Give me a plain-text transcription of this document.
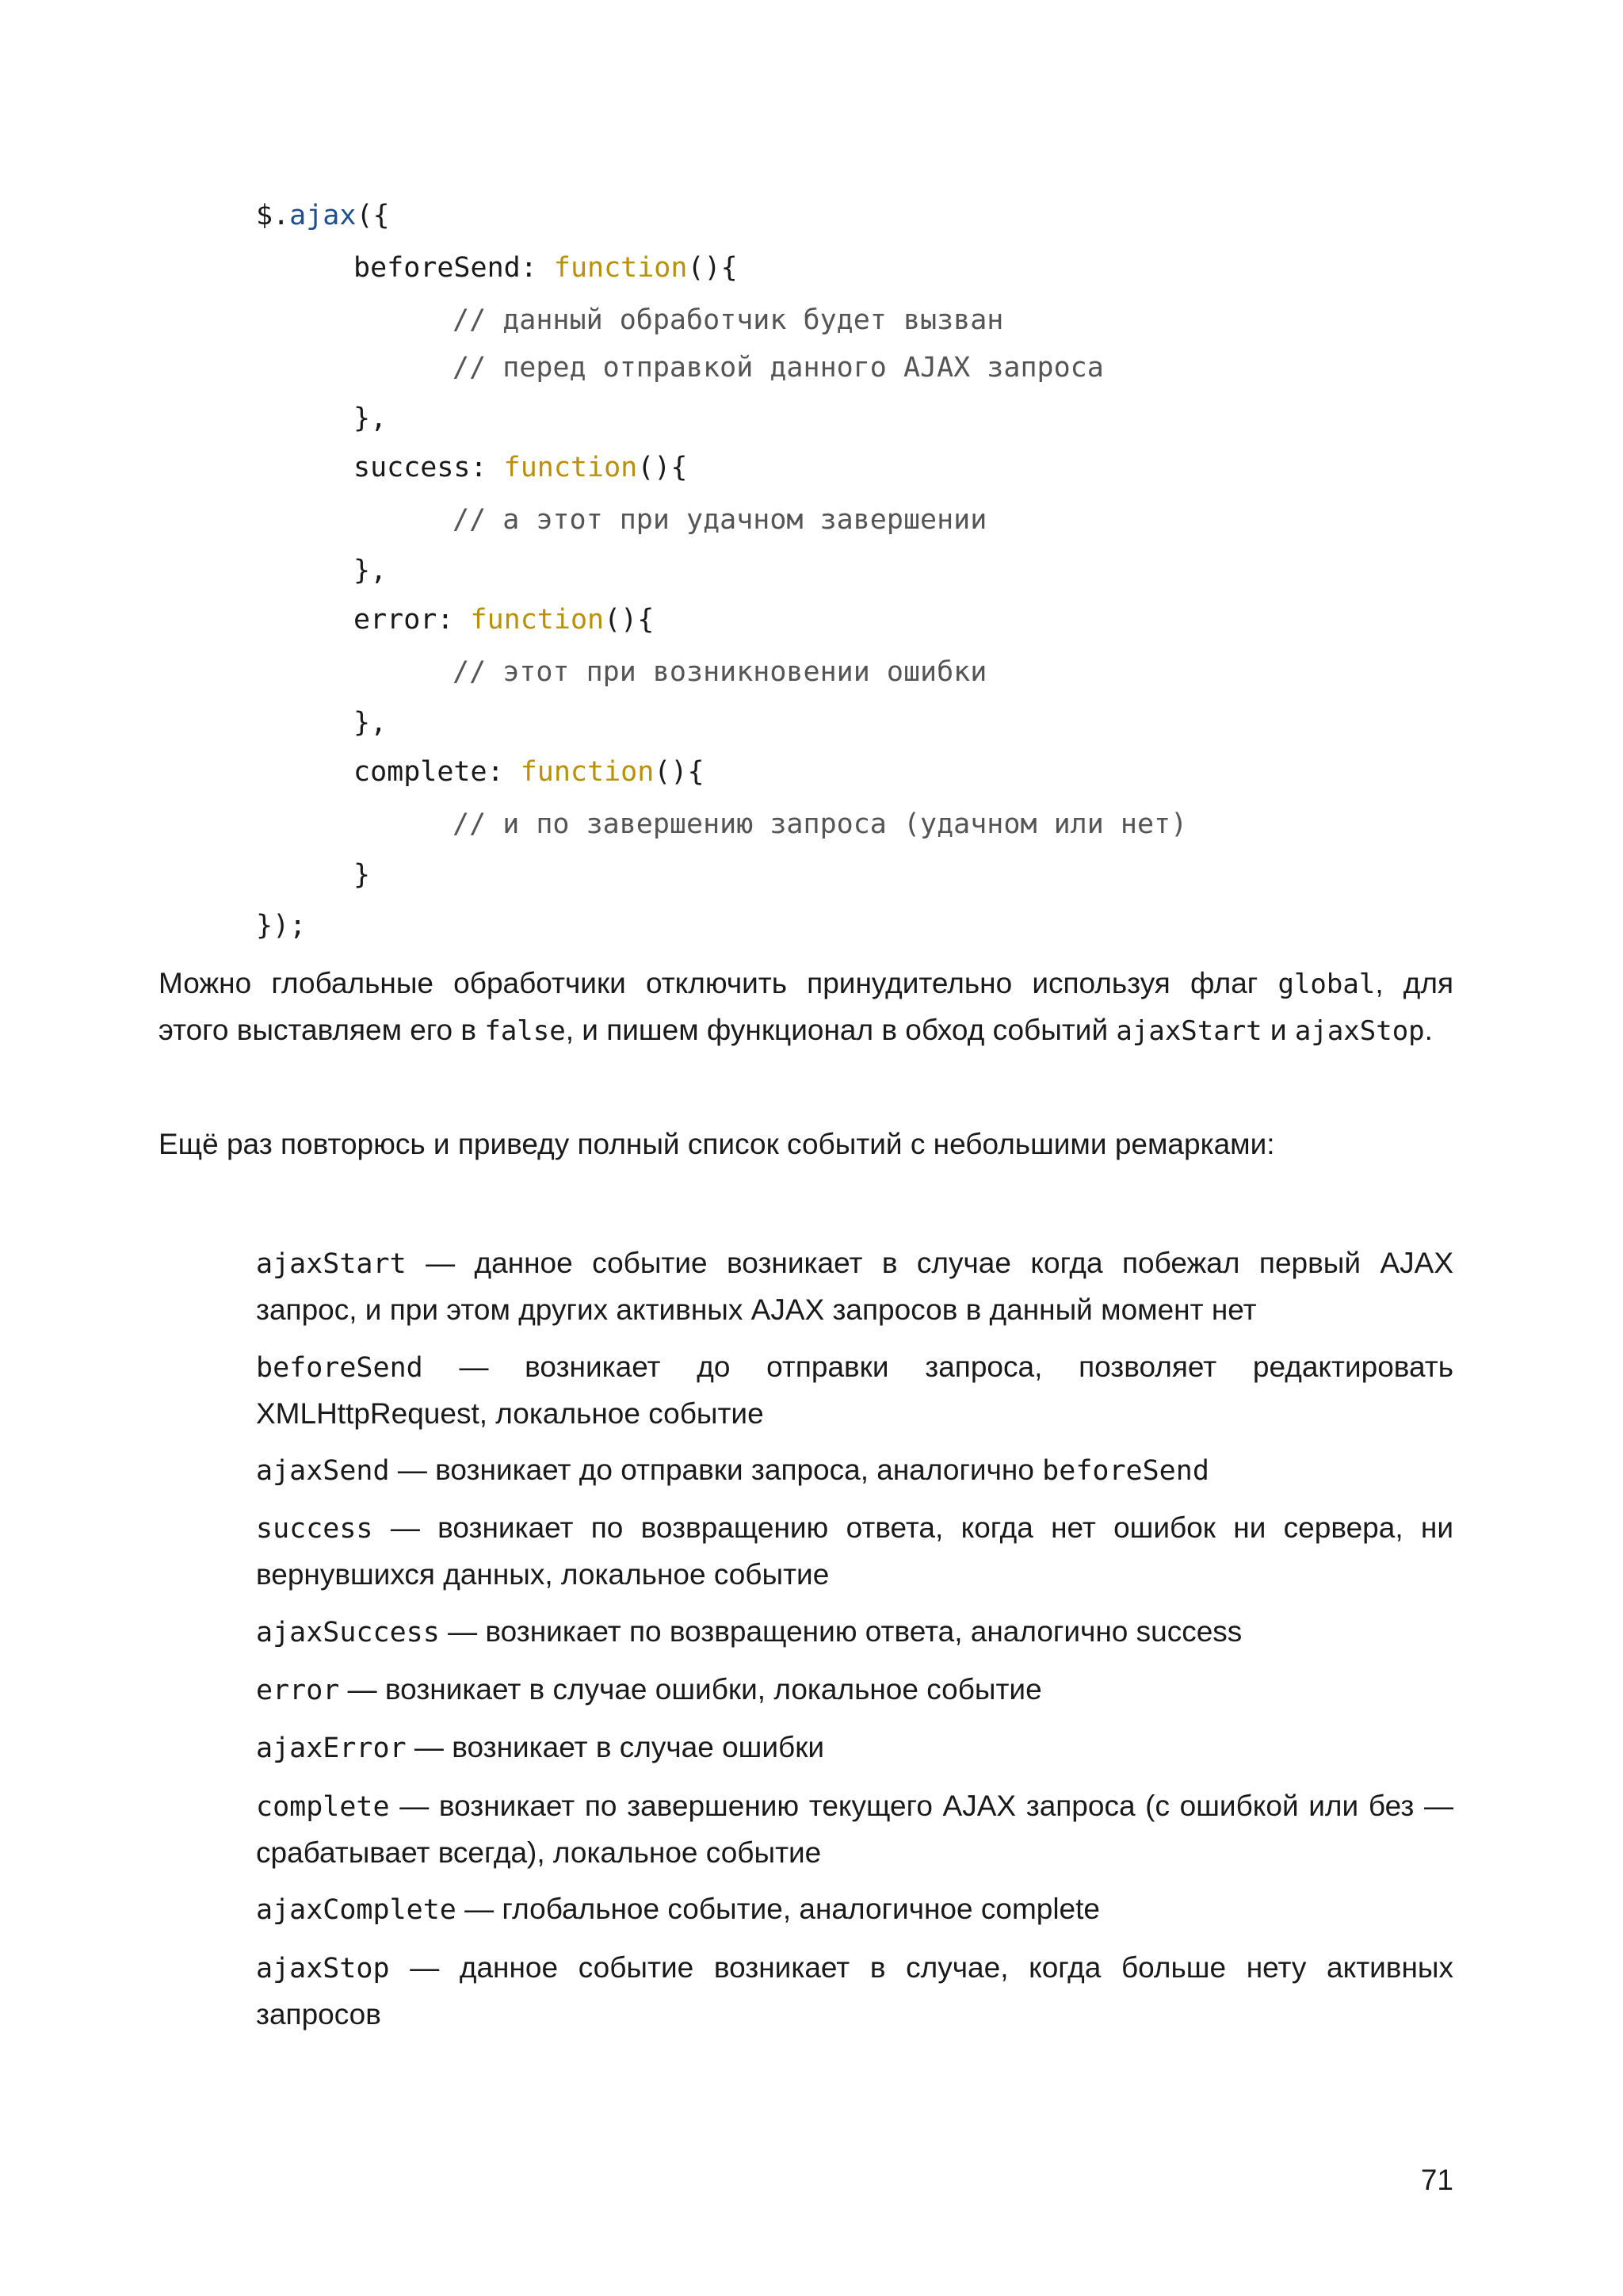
$.ajax({

beforeSend: function(){

// данный обработчик будет вызван

// перед отправкой данного AJAX запроса

},

success: function(){

// а этот при удачном завершении

},

error: function(){

// этот при возникновении ошибки

},

complete: function(){

// и по завершению запроса (удачном или нет)

}

});

Можно глобальные обработчики отключить принудительно используя флаг global, для
этого выставляем его в false, и пишем функционал в обход событий ajaxStart и ajaxStop.

Ещё раз повторюсь и приведу полный список событий с небольшими ремарками:

ajaxStart — данное событие возникает в случае когда побежал первый AJAX
запрос, и при этом других активных AJAX запросов в данный момент нет

beforeSend — возникает до отправки запроса, позволяет редактировать
XMLHttpRequest, локальное событие

ajaxSend — возникает до отправки запроса, аналогично beforeSend

success — возникает по возвращению ответа, когда нет ошибок ни сервера, ни
вернувшихся данных, локальное событие

ajaxSuccess — возникает по возвращению ответа, аналогично success

error — возникает в случае ошибки, локальное событие

ajaxError — возникает в случае ошибки

complete — возникает по завершению текущего AJAX запроса (с ошибкой или без —
срабатывает всегда), локальное событие

ajaxComplete — глобальное событие, аналогичное complete

ajaxStop — данное событие возникает в случае, когда больше нету активных
запросов

71
